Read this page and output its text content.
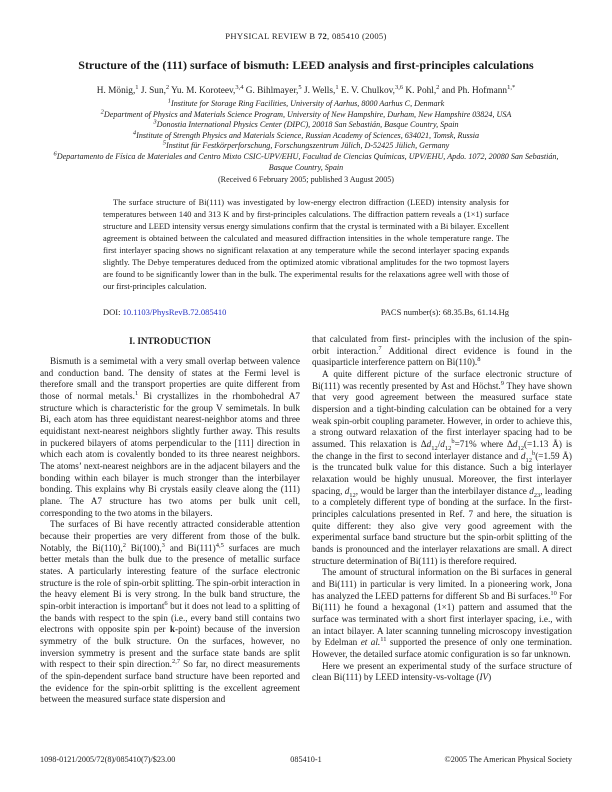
PHYSICAL REVIEW B 72, 085410 (2005)
Structure of the (111) surface of bismuth: LEED analysis and first-principles calculations
H. Mönig,$^1$ J. Sun,$^2$ Yu. M. Koroteev,$^{3,4}$ G. Bihlmayer,$^5$ J. Wells,$^1$ E. V. Chulkov,$^{3,6}$ K. Pohl,$^2$ and Ph. Hofmann$^{1,*}$
$^1$Institute for Storage Ring Facilities, University of Aarhus, 8000 Aarhus C, Denmark
$^2$Department of Physics and Materials Science Program, University of New Hampshire, Durham, New Hampshire 03824, USA
$^3$Donostia International Physics Center (DIPC), 20018 San Sebastián, Basque Country, Spain
$^4$Institute of Strength Physics and Materials Science, Russian Academy of Sciences, 634021, Tomsk, Russia
$^5$Institut für Festkörperforschung, Forschungszentrum Jülich, D-52425 Jülich, Germany
$^6$Departamento de Física de Materiales and Centro Mixto CSIC-UPV/EHU, Facultad de Ciencias Químicas, UPV/EHU, Apdo. 1072, 20080 San Sebastián, Basque Country, Spain
(Received 6 February 2005; published 3 August 2005)
The surface structure of Bi(111) was investigated by low-energy electron diffraction (LEED) intensity analysis for temperatures between 140 and 313 K and by first-principles calculations. The diffraction pattern reveals a (1×1) surface structure and LEED intensity versus energy simulations confirm that the crystal is terminated with a Bi bilayer. Excellent agreement is obtained between the calculated and measured diffraction intensities in the whole temperature range. The first interlayer spacing shows no significant relaxation at any temperature while the second interlayer spacing expands slightly. The Debye temperatures deduced from the optimized atomic vibrational amplitudes for the two topmost layers are found to be significantly lower than in the bulk. The experimental results for the relaxations agree well with those of our first-principles calculation.
DOI: 10.1103/PhysRevB.72.085410	PACS number(s): 68.35.Bs, 61.14.Hg
I. INTRODUCTION

Bismuth is a semimetal with a very small overlap between valence and conduction band. The density of states at the Fermi level is therefore small and the transport properties are quite different from those of normal metals.$^1$ Bi crystallizes in the rhombohedral A7 structure which is characteristic for the group V semimetals. In bulk Bi, each atom has three equidistant nearest-neighbor atoms and three equidistant next-nearest neighbors slightly further away. This results in puckered bilayers of atoms perpendicular to the [111] direction in which each atom is covalently bonded to its three nearest neighbors. The atoms’ next-nearest neighbors are in the adjacent bilayers and the bonding within each bilayer is much stronger than the interbilayer bonding. This explains why Bi crystals easily cleave along the (111) plane. The A7 structure has two atoms per bulk unit cell, corresponding to the two atoms in the bilayers.

The surfaces of Bi have recently attracted considerable attention because their properties are very different from those of the bulk. Notably, the Bi(110),$^2$ Bi(100),$^3$ and $Bi(111)^{4,5}$ surfaces are much better metals than the bulk due to the presence of metallic surface states. A particularly interesting feature of the surface electronic structure is the role of spin-orbit splitting. The spin-orbit interaction in the heavy element Bi is very strong. In the bulk band structure, the spin-orbit interaction is important$^6$ but it does not lead to a splitting of the bands with respect to the spin (i.e., every band still contains two electrons with opposite spin per k-point) because of the inversion symmetry of the bulk structure. On the surfaces, however, no inversion symmetry is present and the surface state bands are split with respect to their spin direction.$^{2,7}$ So far, no direct measurements of the spin-dependent surface band structure have been reported and the evidence for the spin-orbit splitting is the excellent agreement between the measured surface state dispersion and

that calculated from first- principles with the inclusion of the spin-orbit interaction.$^7$ Additional direct evidence is found in the quasiparticle interference pattern on Bi(110).$^8$

A quite different picture of the surface electronic structure of Bi(111) was recently presented by Ast and Höchst.$^9$ They have shown that very good agreement between the measured surface state dispersion and a tight-binding calculation can be obtained for a very weak spin-orbit coupling parameter. However, in order to achieve this, a strong outward relaxation of the first interlayer spacing had to be assumed. This relaxation is $\Delta d_{12}/d_{12}^b=71\%$ where $\Delta d_{12}(=1.13$ Å) is the change in the first to second interlayer distance and $d_{12}^b(=1.59$ Å) is the truncated bulk value for this distance. Such a big interlayer relaxation would be highly unusual. Moreover, the first interlayer spacing, $d_{12}$, would be larger than the interbilayer distance $d_{23}$, leading to a completely different type of bonding at the surface. In the first-principles calculations presented in Ref. 7 and here, the situation is quite different: they also give very good agreement with the experimental surface band structure but the spin-orbit splitting of the bands is pronounced and the interlayer relaxations are small. A direct structure determination of Bi(111) is therefore required.

The amount of structural information on the Bi surfaces in general and Bi(111) in particular is very limited. In a pioneering work, Jona has analyzed the LEED patterns for different Sb and Bi surfaces.$^{10}$ For Bi(111) he found a hexagonal (1×1) pattern and assumed that the surface was terminated with a short first interlayer spacing, i.e., with an intact bilayer. A later scanning tunneling microscopy investigation by Edelman et al.$^{11}$ supported the presence of only one termination. However, the detailed surface atomic configuration is so far unknown.

Here we present an experimental study of the surface structure of clean Bi(111) by LEED intensity-vs-voltage (IV)

1098-0121/2005/72(8)/085410(7)/$23.00	085410-1	©2005 The American Physical Society
